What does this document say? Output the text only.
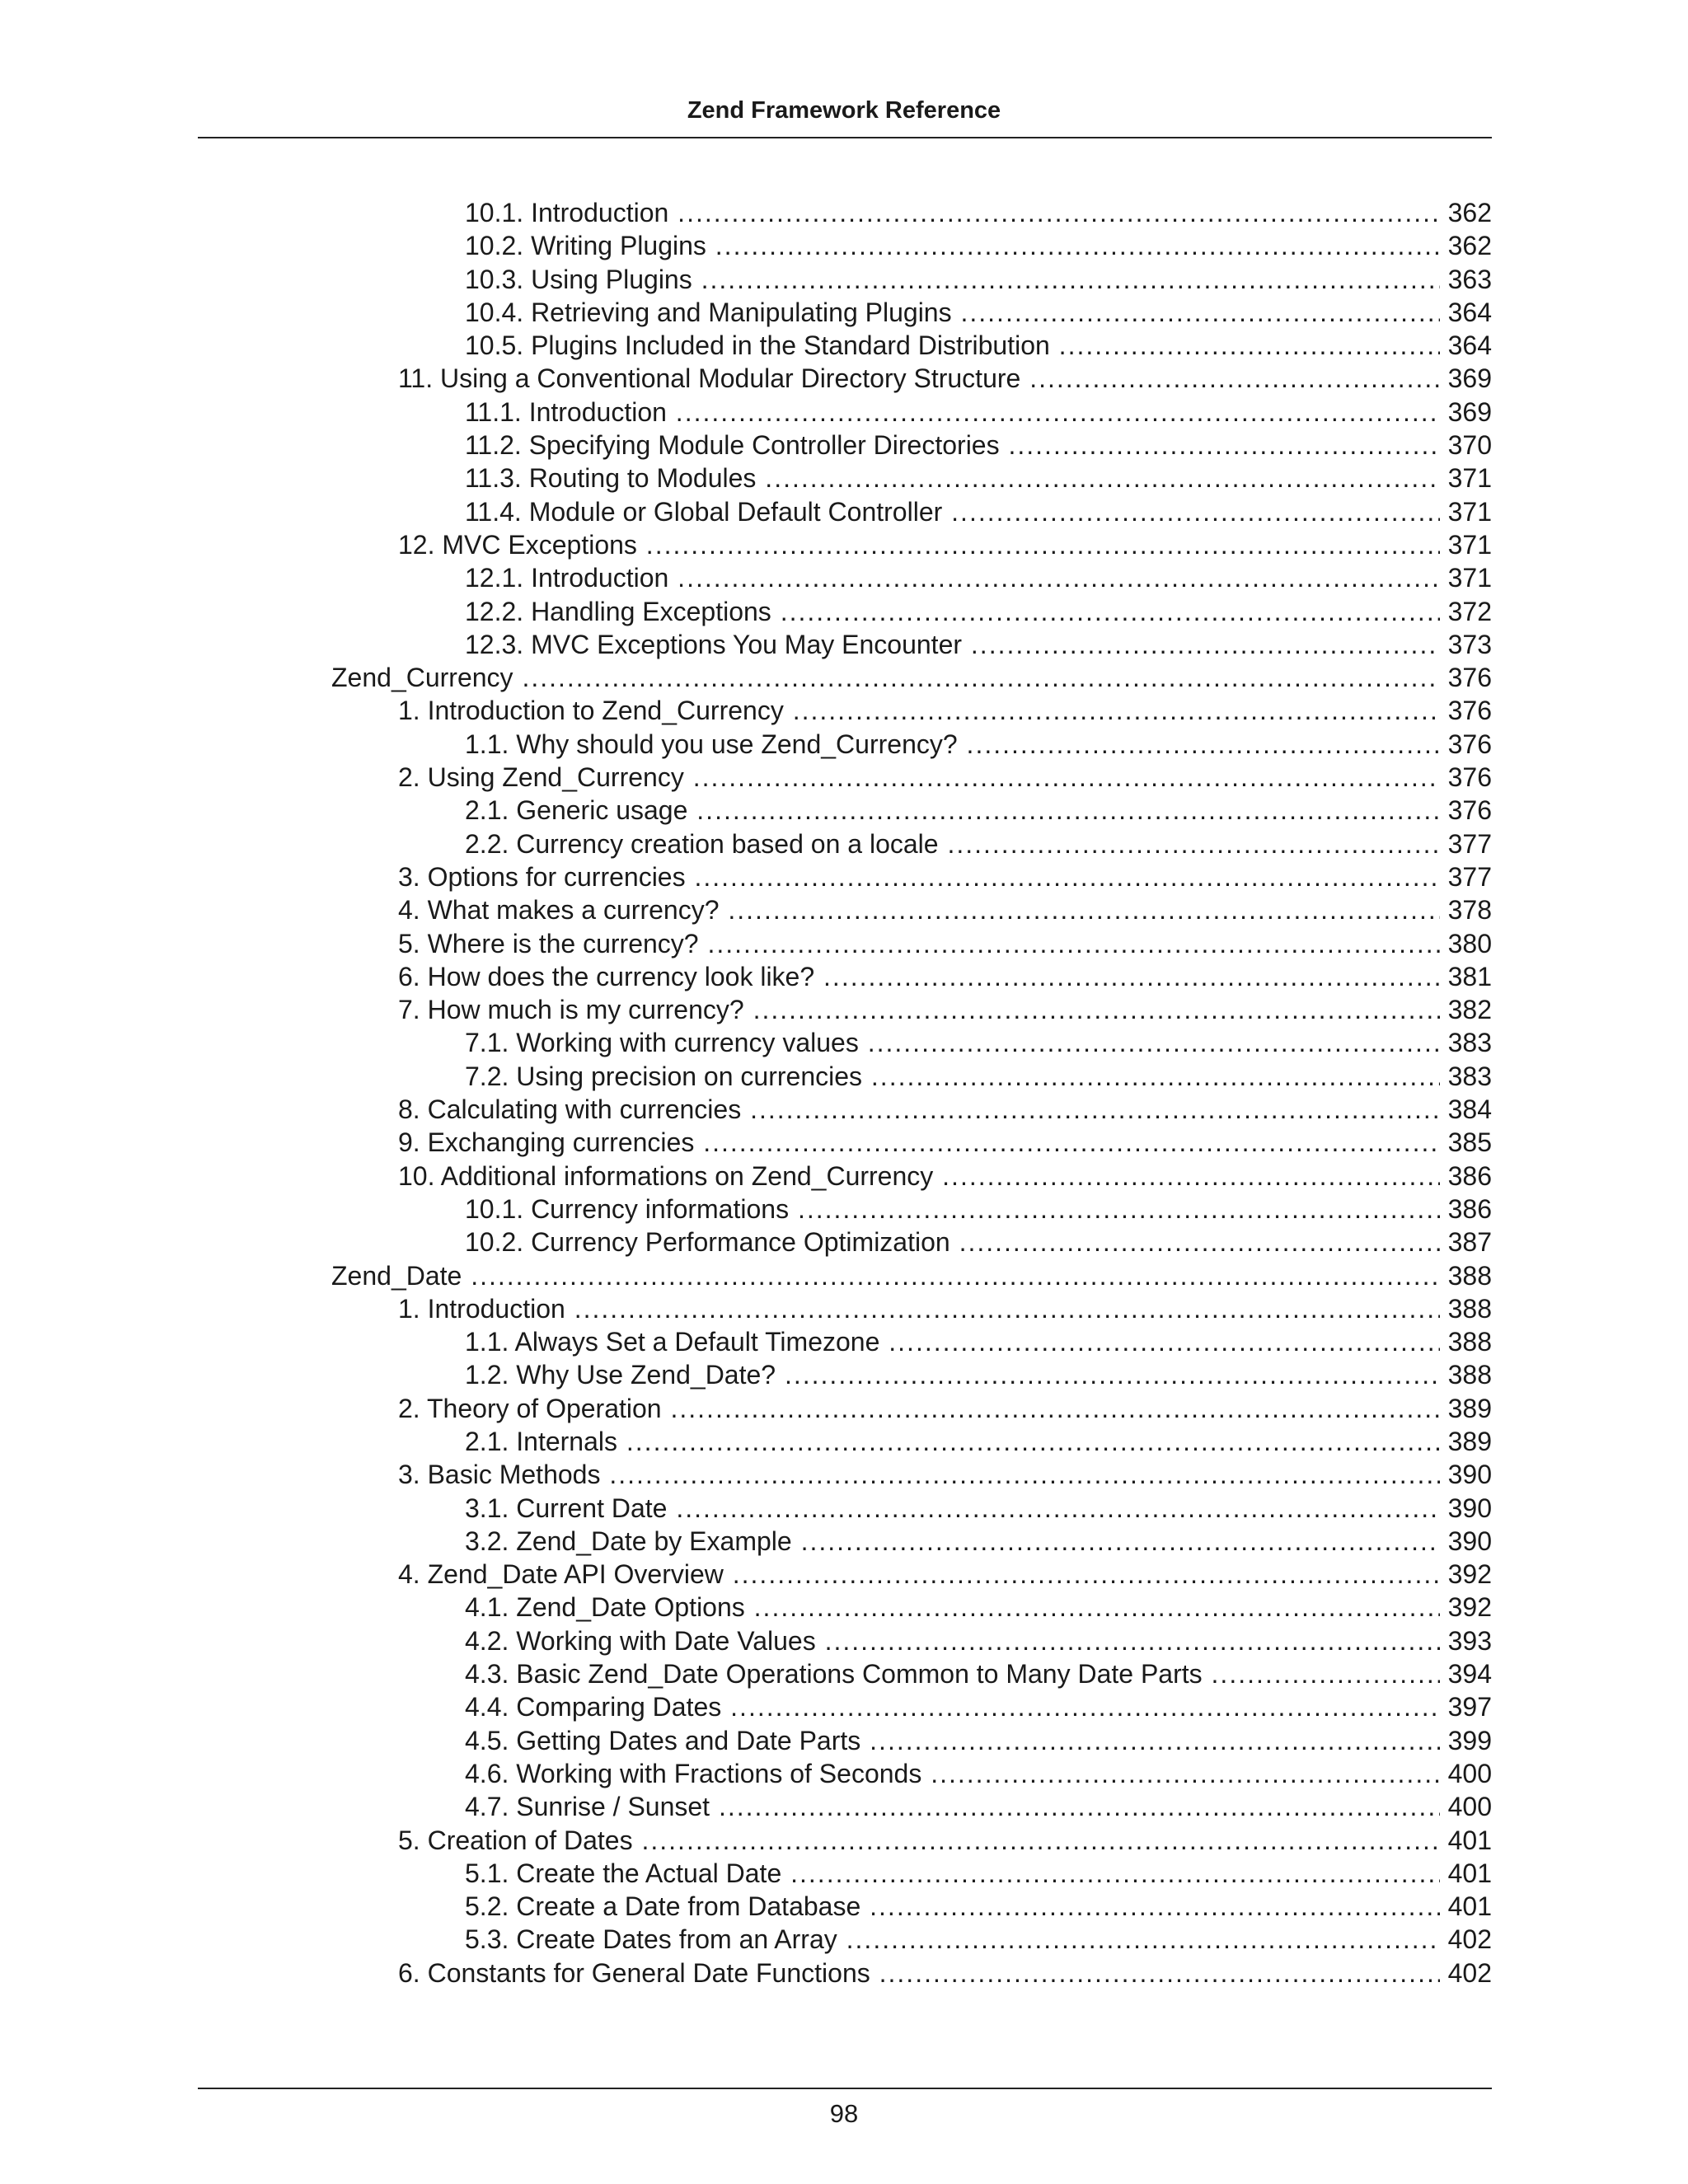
Zend Framework Reference
10.1. Introduction .....	362
10.2. Writing Plugins .....	362
10.3. Using Plugins .....	363
10.4. Retrieving and Manipulating Plugins .....	364
10.5. Plugins Included in the Standard Distribution .....	364
11. Using a Conventional Modular Directory Structure .....	369
11.1. Introduction .....	369
11.2. Specifying Module Controller Directories .....	370
11.3. Routing to Modules .....	371
11.4. Module or Global Default Controller .....	371
12. MVC Exceptions .....	371
12.1. Introduction .....	371
12.2. Handling Exceptions .....	372
12.3. MVC Exceptions You May Encounter .....	373
Zend_Currency .....	376
1. Introduction to Zend_Currency .....	376
1.1. Why should you use Zend_Currency? .....	376
2. Using Zend_Currency .....	376
2.1. Generic usage .....	376
2.2. Currency creation based on a locale .....	377
3. Options for currencies .....	377
4. What makes a currency? .....	378
5. Where is the currency? .....	380
6. How does the currency look like? .....	381
7. How much is my currency? .....	382
7.1. Working with currency values .....	383
7.2. Using precision on currencies .....	383
8. Calculating with currencies .....	384
9. Exchanging currencies .....	385
10. Additional informations on Zend_Currency .....	386
10.1. Currency informations .....	386
10.2. Currency Performance Optimization .....	387
Zend_Date .....	388
1. Introduction .....	388
1.1. Always Set a Default Timezone .....	388
1.2. Why Use Zend_Date? .....	388
2. Theory of Operation .....	389
2.1. Internals .....	389
3. Basic Methods .....	390
3.1. Current Date .....	390
3.2. Zend_Date by Example .....	390
4. Zend_Date API Overview .....	392
4.1. Zend_Date Options .....	392
4.2. Working with Date Values .....	393
4.3. Basic Zend_Date Operations Common to Many Date Parts .....	394
4.4. Comparing Dates .....	397
4.5. Getting Dates and Date Parts .....	399
4.6. Working with Fractions of Seconds .....	400
4.7. Sunrise / Sunset .....	400
5. Creation of Dates .....	401
5.1. Create the Actual Date .....	401
5.2. Create a Date from Database .....	401
5.3. Create Dates from an Array .....	402
6. Constants for General Date Functions .....	402
98
